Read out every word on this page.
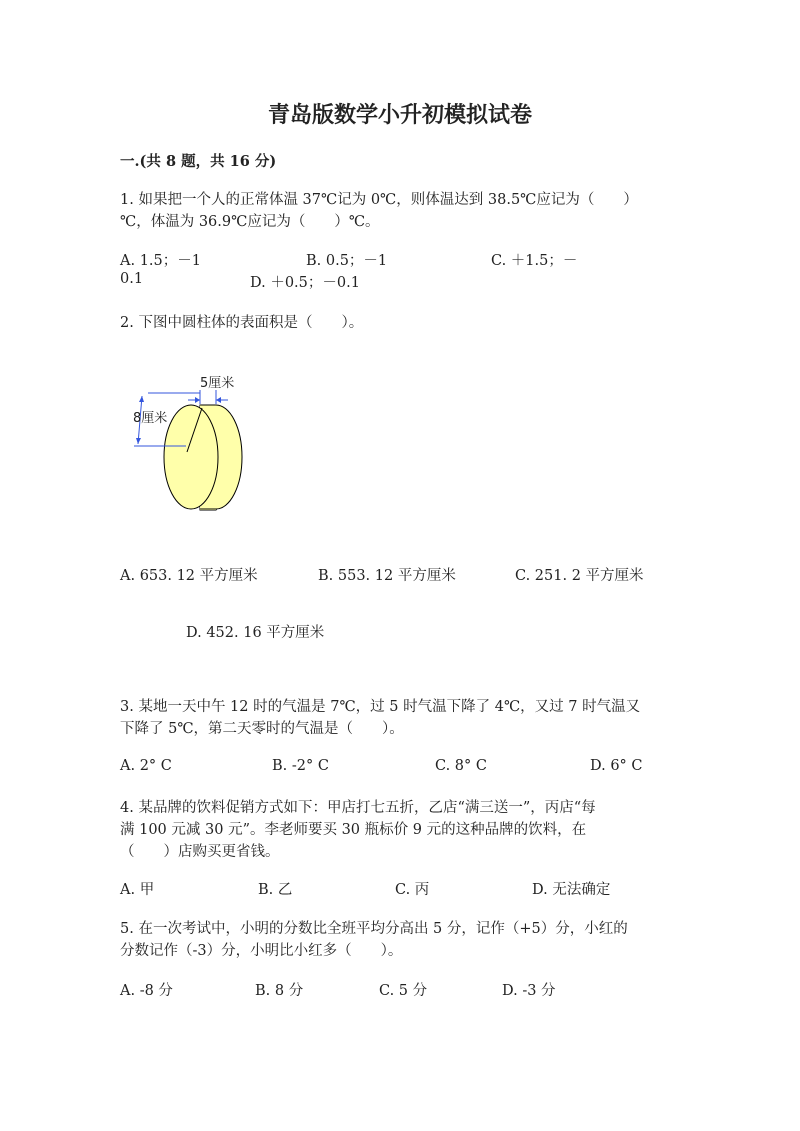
青岛版数学小升初模拟试卷
一.(共 8 题，共 16 分)
1. 如果把一个人的正常体温 37℃记为 0℃，则体温达到 38.5℃应记为（　　）
℃，体温为 36.9℃应记为（　　）℃。
A. 1.5；－1	B. 0.5；－1	C. ＋1.5；－
0.1	D. ＋0.5；－0.1
2. 下图中圆柱体的表面积是（　　）。
5厘米
8厘米
A. 653. 12 平方厘米	B. 553. 12 平方厘米	C. 251. 2 平方厘米
D. 452. 16 平方厘米
3. 某地一天中午 12 时的气温是 7℃，过 5 时气温下降了 4℃，又过 7 时气温又
下降了 5℃，第二天零时的气温是（　　）。
A. 2° C	B. -2° C	C. 8° C	D. 6° C
4. 某品牌的饮料促销方式如下：甲店打七五折，乙店“满三送一”，丙店“每
满 100 元减 30 元”。李老师要买 30 瓶标价 9 元的这种品牌的饮料，在
（　　）店购买更省钱。
A. 甲	B. 乙	C. 丙	D. 无法确定
5. 在一次考试中，小明的分数比全班平均分高出 5 分，记作（+5）分，小红的
分数记作（-3）分，小明比小红多（　　）。
A. -8 分	B. 8 分	C. 5 分	D. -3 分
